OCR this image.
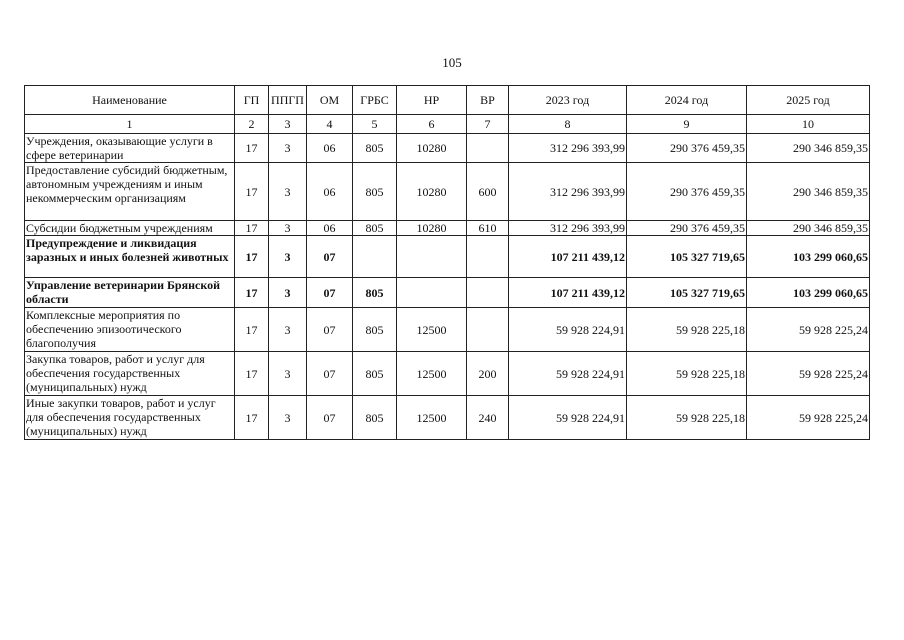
105
Наименование	ГП	ППГП	ОМ	ГРБС	НР	ВР	2023 год	2024 год	2025 год
1	2	3	4	5	6	7	8	9	10
Учреждения, оказывающие услуги в сфере ветеринарии	17	3	06	805	10280		312 296 393,99	290 376 459,35	290 346 859,35
Предоставление субсидий бюджетным, автономным учреждениям и иным некоммерческим организациям	17	3	06	805	10280	600	312 296 393,99	290 376 459,35	290 346 859,35
Субсидии бюджетным учреждениям	17	3	06	805	10280	610	312 296 393,99	290 376 459,35	290 346 859,35
Предупреждение и ликвидация заразных и иных болезней животных	17	3	07				107 211 439,12	105 327 719,65	103 299 060,65
Управление ветеринарии Брянской области	17	3	07	805			107 211 439,12	105 327 719,65	103 299 060,65
Комплексные мероприятия по обеспечению эпизоотического благополучия	17	3	07	805	12500		59 928 224,91	59 928 225,18	59 928 225,24
Закупка товаров, работ и услуг для обеспечения государственных (муниципальных) нужд	17	3	07	805	12500	200	59 928 224,91	59 928 225,18	59 928 225,24
Иные закупки товаров, работ и услуг для обеспечения государственных (муниципальных) нужд	17	3	07	805	12500	240	59 928 224,91	59 928 225,18	59 928 225,24
